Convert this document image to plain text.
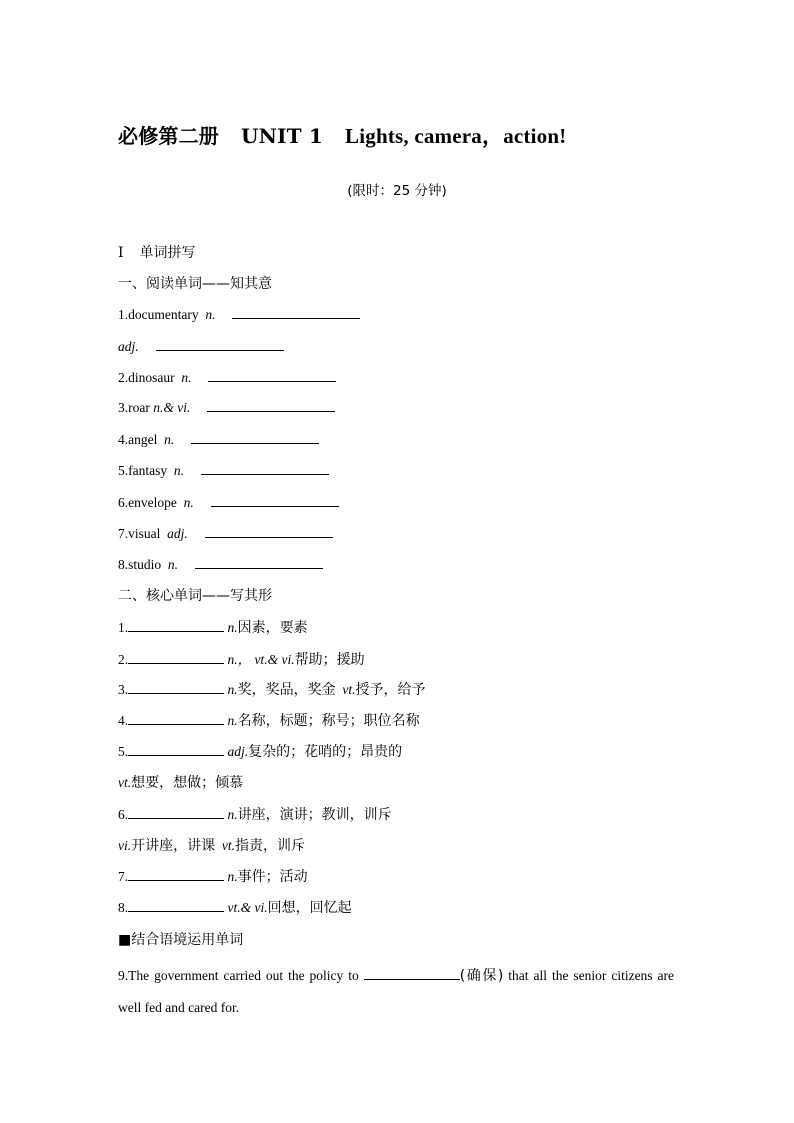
必修第二册 UNIT 1 Lights, camera，action!
(限时：25 分钟)
Ⅰ 单词拼写
一、阅读单词——知其意
1.documentary n.
adj.
2.dinosaur n.
3.roar n.& vi.
4.angel n.
5.fantasy n.
6.envelope n.
7.visual adj.
8.studio n.
二、核心单词——写其形
1.	n.因素，要素
2.	n.， vt.& vi.帮助；援助
3.	n.奖，奖品，奖金 vt.授予，给予
4.	n.名称，标题；称号；职位名称
5.	adj.复杂的；花哨的；昂贵的
vt.想要，想做；倾慕
6.	n.讲座，演讲；教训，训斥
vi.开讲座，讲课 vt.指责，训斥
7.	n.事件；活动
8.	vt.& vi.回想，回忆起
■结合语境运用单词
9.The government carried out the policy to	(确保) that all the senior citizens are well fed and cared for.
